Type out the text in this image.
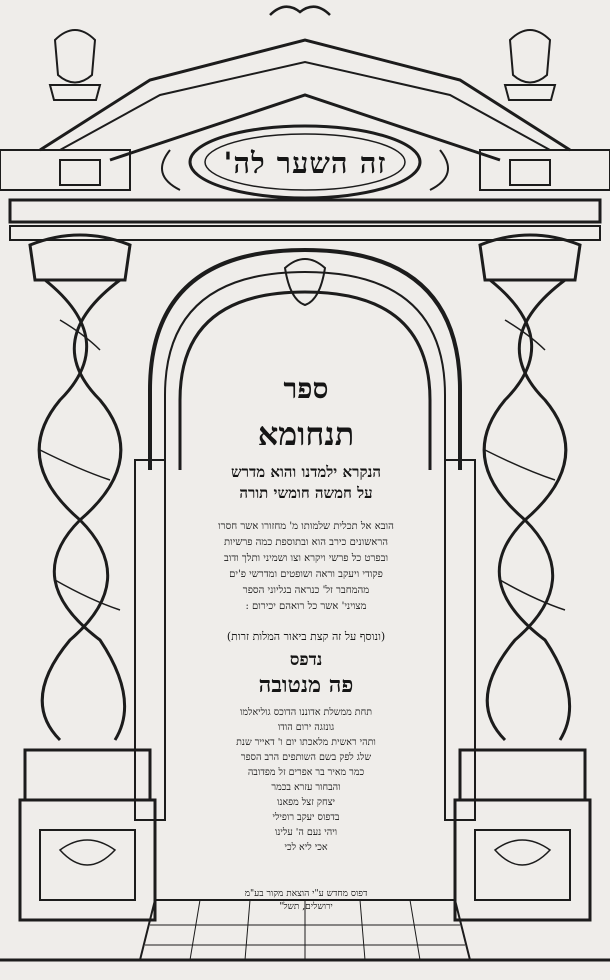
זה השער לה'
ספר
תנחומא
הנקרא ילמדנו והוא מדרש
על חמשה חומשי תורה
הובא אל תכלית שלמותו מ' מחזורו אשר חסרו
הראשונים כירב הוא ובתוספת כמה פרשיות
ובפרט כל פרשי ויקרא וצו ושמיני ותלך ודוב
פקודי ויעקב וראה ושופטים ומדרשי פ'ים
מהמחבר זל' כנראה בגליוני הספר
מצויני' אשר כל רואהם יכירום :
(ונוסף על זה קצת ביאור המלות זרות)
נדפס
פה מנטובה
תחת ממשלת אדוננו הדוכס גוליאלמו
גונזגה ירום הודו
ותהי ראשית מלאכתו יום ו' דאייר שנת
שלג לפק בשם השותפים הרב הספר
כמר מאיר בר אפרים זל מפדובה
והבחור עזרא בכמר
יצחק זצל מפאנו
בדפוס יעקב רופילי
ויהי נעם ה' עלינו
אכי ליא לכי
דפוס מחדש ע"י הוצאת מקור בע"מ
ירושלים, תשל"
